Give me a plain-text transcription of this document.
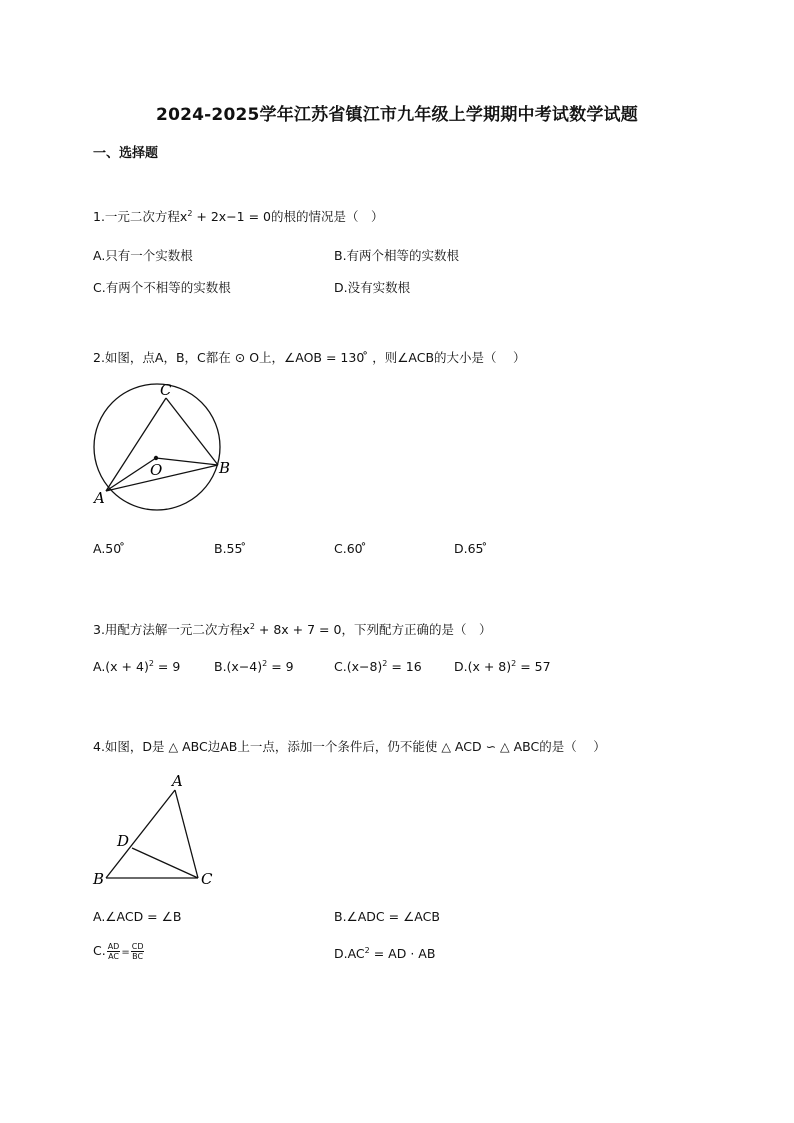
2024-2025学年江苏省镇江市九年级上学期期中考试数学试题
一、选择题
1.一元二次方程$x^2 + 2x-1 = 0$的根的情况是（　）
A.只有一个实数根	B.有两个相等的实数根
C.有两个不相等的实数根	D.没有实数根
2.如图，点A，B，C都在 ⊙ O上，∠AOB = 130 ̊ ，则∠ACB的大小是（　 ）
C
B
O
A
A.50 ̊	B.55 ̊	C.60 ̊	D.65 ̊
3.用配方法解一元二次方程$x^2 + 8x + 7 = 0$，下列配方正确的是（　）
$A.(x + 4)^2 = 9$	$B.(x-4)^2 = 9$	$C.(x-8)^2 = 16$	$D.(x + 8)^2 = 57$
4.如图，D是 △ ABC边AB上一点，添加一个条件后，仍不能使 △ ACD ∽ △ ABC的是（　 ）
A
D
B	C
A.∠ACD = ∠B	B.∠ADC = ∠ACB
C. $\frac{AD}{AC} = \frac{CD}{BC}$	$D.AC^2$ = AD · AB
